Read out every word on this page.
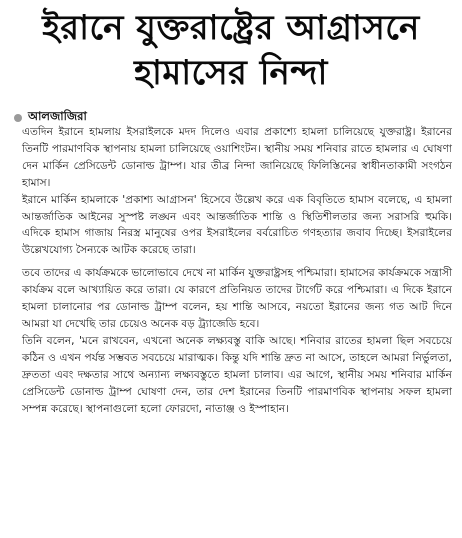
ইরানে যুক্তরাষ্ট্রের আগ্রাসনে
হামাসের নিন্দা
আলজাজিরা

এতদিন ইরানে হামলায় ইসরাইলকে মদদ দিলেও এবার প্রকাশ্যে হামলা চালিয়েছে যুক্তরাষ্ট্র। ইরানের তিনটি পারমাণবিক স্থাপনায় হামলা চালিয়েছে ওয়াশিংটন। স্থানীয় সময় শনিবার রাতে হামলার এ ঘোষণা দেন মার্কিন প্রেসিডেন্ট ডোনাল্ড ট্রাম্প। যার তীব্র নিন্দা জানিয়েছে ফিলিস্তিনের স্বাধীনতাকামী সংগঠন হামাস।

ইরানে মার্কিন হামলাকে 'প্রকাশ্য আগ্রাসন' হিসেবে উল্লেখ করে এক বিবৃতিতে হামাস বলেছে, এ হামলা আন্তর্জাতিক আইনের সুস্পষ্ট লঙ্ঘন এবং আন্তর্জাতিক শান্তি ও স্থিতিশীলতার জন্য সরাসরি হুমকি। এদিকে হামাস গাজায় নিরস্ত্র মানুষের ওপর ইসরাইলের বর্বরোচিত গণহত্যার জবাব দিচ্ছে। ইসরাইলের উল্লেখযোগ্য সৈন্যকে আটক করেছে তারা।

তবে তাদের এ কার্যক্রমকে ভালোভাবে দেখে না মার্কিন যুক্তরাষ্ট্রসহ পশ্চিমারা। হামাসের কার্যক্রমকে সন্ত্রাসী কার্যক্রম বলে আখ্যায়িত করে তারা। যে কারণে প্রতিনিয়ত তাদের টার্গেট করে পশ্চিমারা। এ দিকে ইরানে হামলা চালানোর পর ডোনাল্ড ট্রাম্প বলেন, হয় শান্তি আসবে, নয়তো ইরানের জন্য গত আট দিনে আমরা যা দেখেছি তার চেয়েও অনেক বড় ট্র্যাজেডি হবে।

তিনি বলেন, 'মনে রাখবেন, এখনো অনেক লক্ষ্যবস্তু বাকি আছে। শনিবার রাতের হামলা ছিল সবচেয়ে কঠিন ও এখন পর্যন্ত সম্ভবত সবচেয়ে মারাত্মক। কিন্তু যদি শান্তি দ্রুত না আসে, তাহলে আমরা নির্ভুলতা, দ্রুততা এবং দক্ষতার সাথে অন্যান্য লক্ষ্যবস্তুতে হামলা চালাব। এর আগে, স্থানীয় সময় শনিবার মার্কিন প্রেসিডেন্ট ডোনাল্ড ট্রাম্প ঘোষণা দেন, তার দেশ ইরানের তিনটি পারমাণবিক স্থাপনায় সফল হামলা সম্পন্ন করেছে। স্থাপনাগুলো হলো ফোরদো, নাতাঞ্জ ও ইস্পাহান।
